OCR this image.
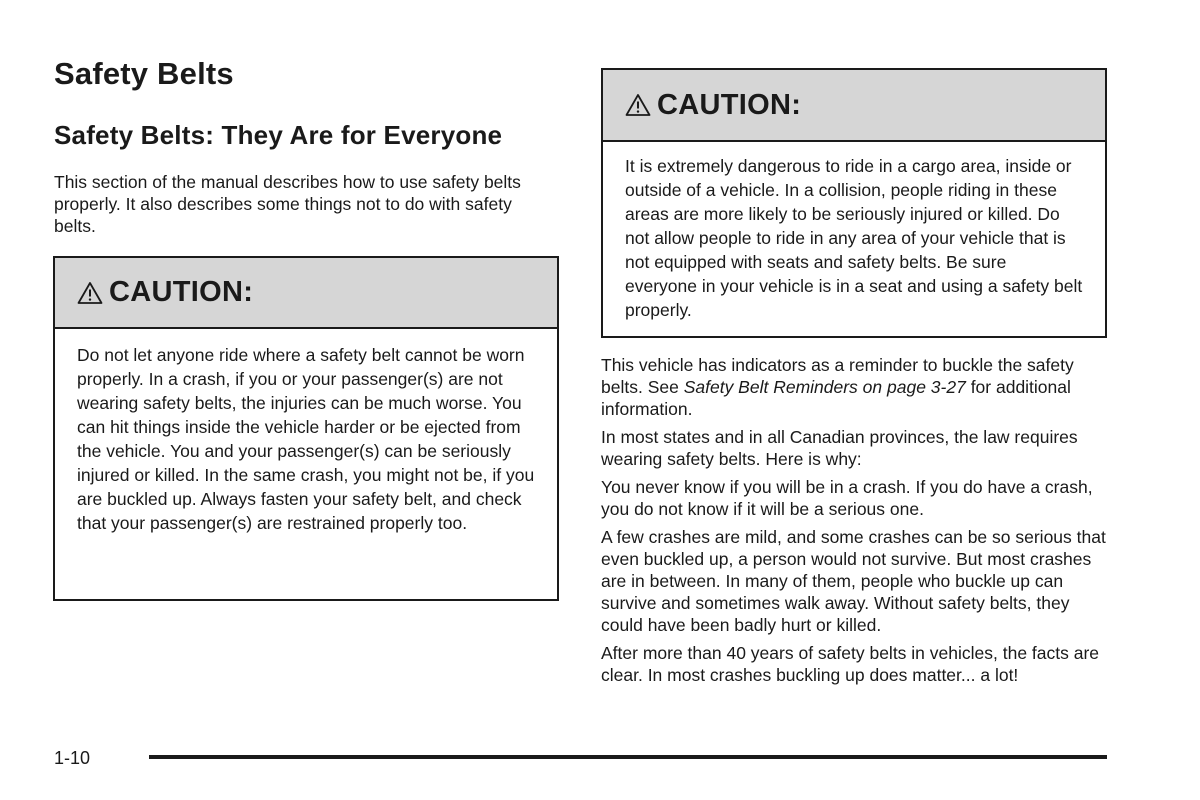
Safety Belts
Safety Belts: They Are for Everyone

This section of the manual describes how to use safety belts properly. It also describes some things not to do with safety belts.

CAUTION:

Do not let anyone ride where a safety belt cannot be worn properly. In a crash, if you or your passenger(s) are not wearing safety belts, the injuries can be much worse. You can hit things inside the vehicle harder or be ejected from the vehicle. You and your passenger(s) can be seriously injured or killed. In the same crash, you might not be, if you are buckled up. Always fasten your safety belt, and check that your passenger(s) are restrained properly too.

CAUTION:

It is extremely dangerous to ride in a cargo area, inside or outside of a vehicle. In a collision, people riding in these areas are more likely to be seriously injured or killed. Do not allow people to ride in any area of your vehicle that is not equipped with seats and safety belts. Be sure everyone in your vehicle is in a seat and using a safety belt properly.

This vehicle has indicators as a reminder to buckle the safety belts. See Safety Belt Reminders on page 3-27 for additional information.

In most states and in all Canadian provinces, the law requires wearing safety belts. Here is why:

You never know if you will be in a crash. If you do have a crash, you do not know if it will be a serious one.

A few crashes are mild, and some crashes can be so serious that even buckled up, a person would not survive. But most crashes are in between. In many of them, people who buckle up can survive and sometimes walk away. Without safety belts, they could have been badly hurt or killed.

After more than 40 years of safety belts in vehicles, the facts are clear. In most crashes buckling up does matter... a lot!

1-10
